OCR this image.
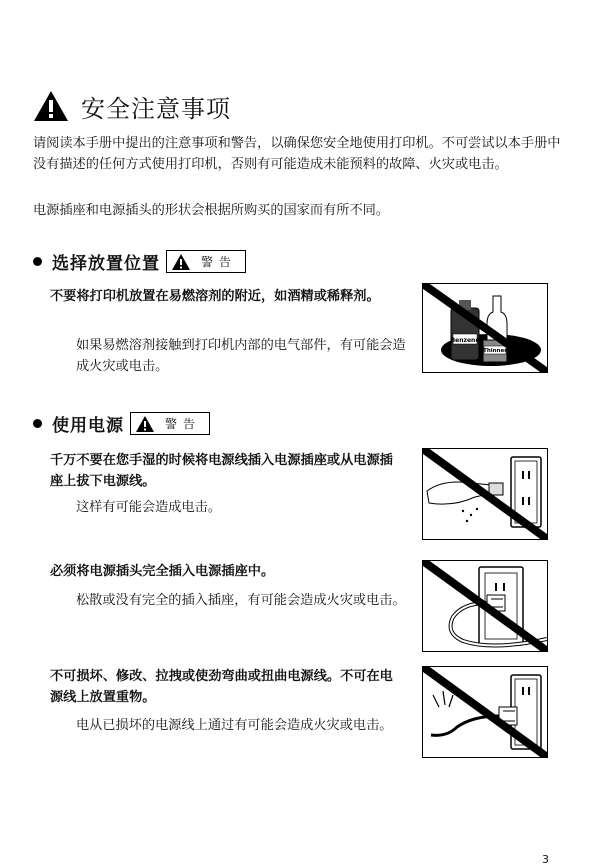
安全注意事项

请阅读本手册中提出的注意事项和警告，以确保您安全地使用打印机。不可尝试以本手册中没有描述的任何方式使用打印机，否则有可能造成未能预料的故障、火灾或电击。

电源插座和电源插头的形状会根据所购买的国家而有所不同。

选择放置位置	警告

不要将打印机放置在易燃溶剂的附近，如酒精或稀释剂。

如果易燃溶剂接触到打印机内部的电气部件，有可能会造成火灾或电击。

Benzene
Thinner
使用电源	警告

千万不要在您手湿的时候将电源线插入电源插座或从电源插座上拔下电源线。

这样有可能会造成电击。

必须将电源插头完全插入电源插座中。

松散或没有完全的插入插座，有可能会造成火灾或电击。

不可损坏、修改、拉拽或使劲弯曲或扭曲电源线。不可在电源线上放置重物。

电从已损坏的电源线上通过有可能会造成火灾或电击。

3
